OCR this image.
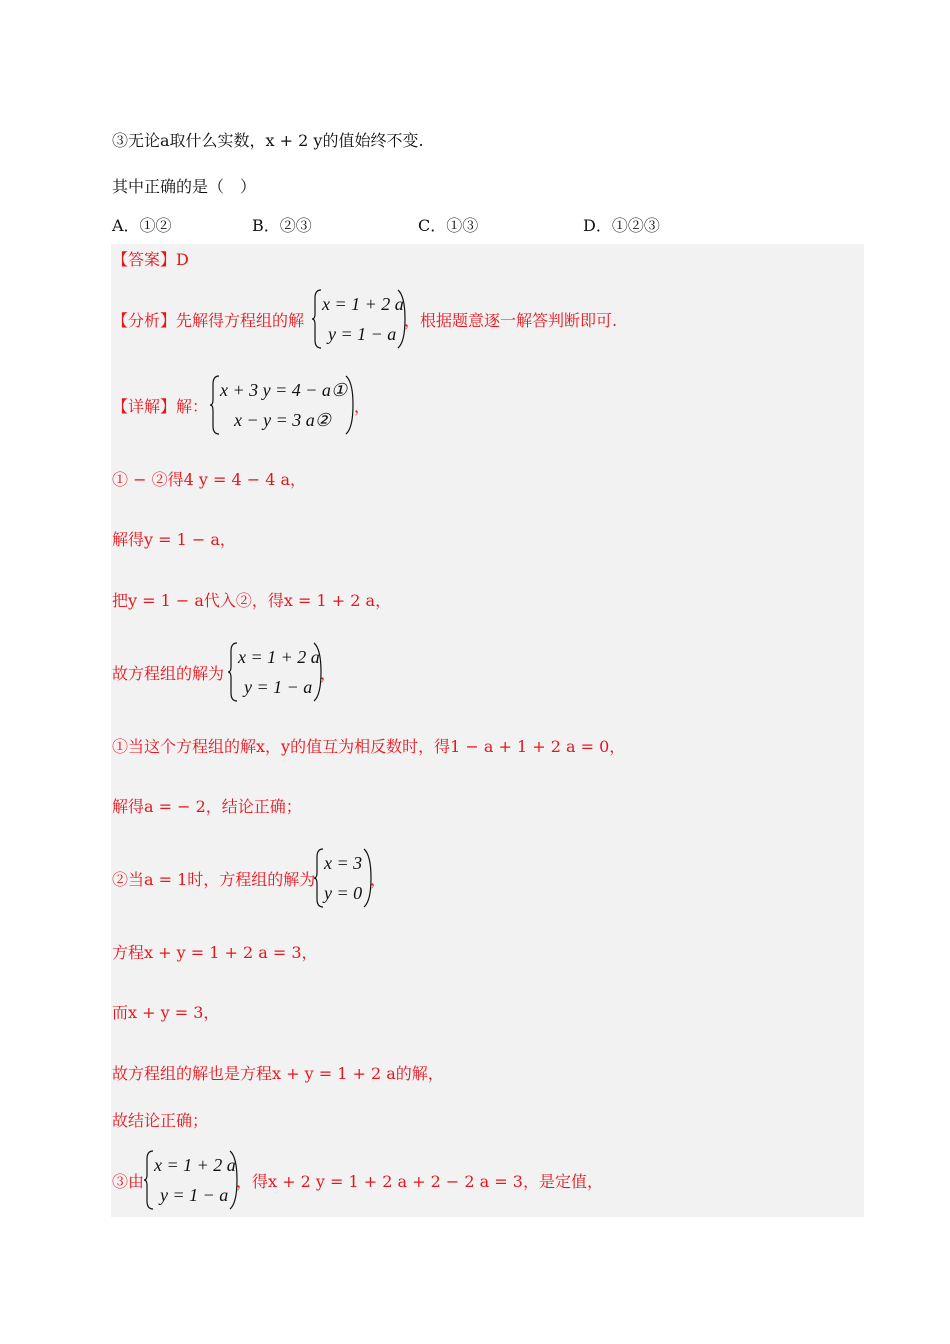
③无论a取什么实数，x + 2 y的值始终不变.
其中正确的是（　）
A．①②	B．②③	C．①③	D．①②③
【答案】D
【分析】先解得方程组的解
x = 1 + 2 a
y = 1 − a
，根据题意逐一解答判断即可.
【详解】解：
x + 3 y = 4 − a①
x − y = 3 a②
，
① − ②得4 y = 4 − 4 a，
解得y = 1 − a，
把y = 1 − a代入②，得x = 1 + 2 a，
故方程组的解为
x = 1 + 2 a
y = 1 − a
，
①当这个方程组的解x，y的值互为相反数时，得1 − a + 1 + 2 a = 0，
解得a = − 2，结论正确；
②当a = 1时，方程组的解为
x = 3
y = 0
，
方程x + y = 1 + 2 a = 3，
而x + y = 3，
故方程组的解也是方程x + y = 1 + 2 a的解，
故结论正确；
③由
x = 1 + 2 a
y = 1 − a
，得x + 2 y = 1 + 2 a + 2 − 2 a = 3，是定值，
